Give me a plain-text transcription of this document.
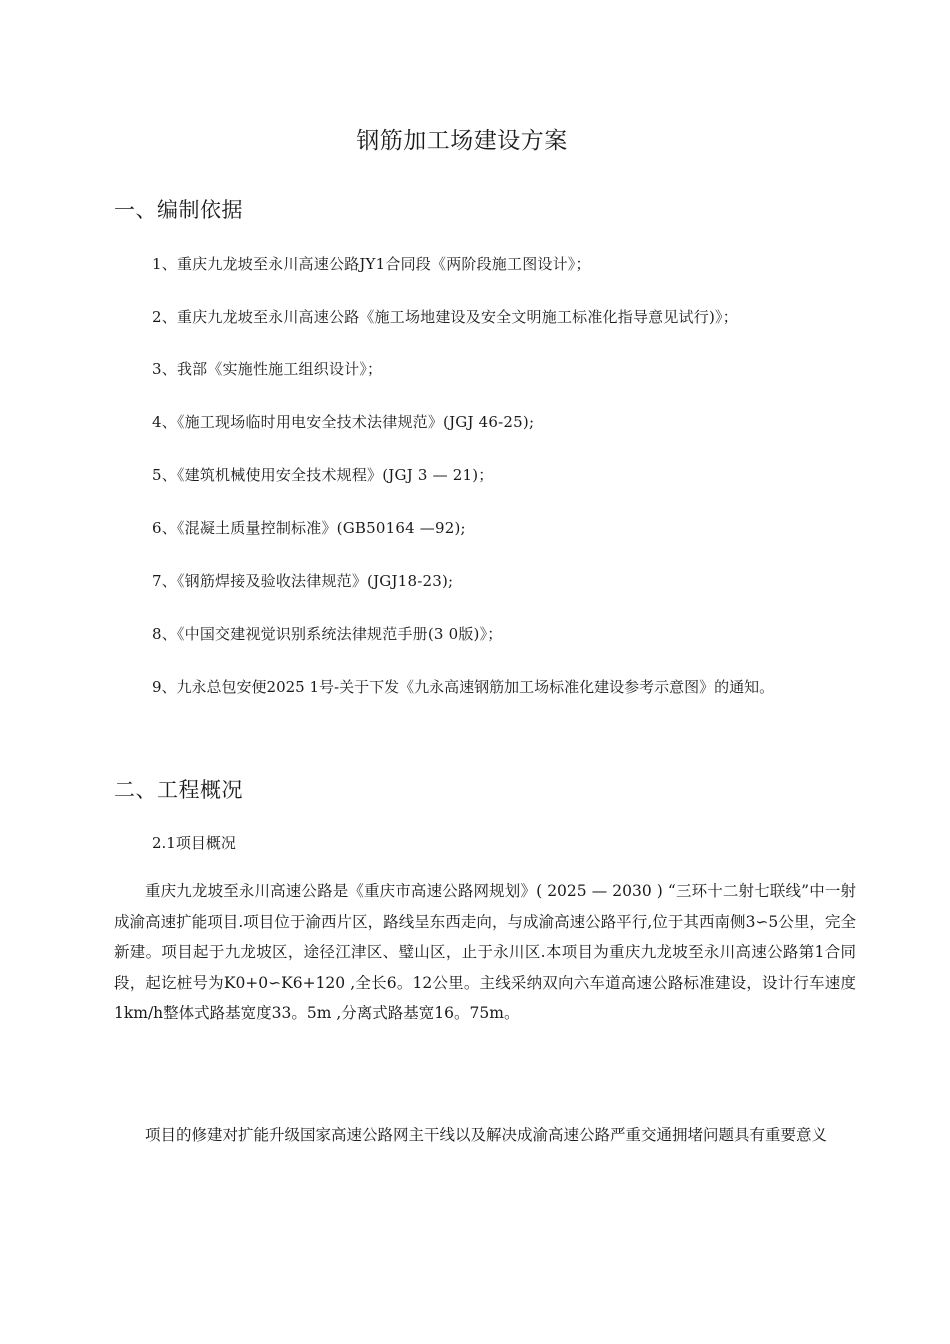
钢筋加工场建设方案
一、编制依据
1、重庆九龙坡至永川高速公路JY1合同段《两阶段施工图设计》；
2、重庆九龙坡至永川高速公路《施工场地建设及安全文明施工标准化指导意见试行)》；
3、我部《实施性施工组织设计》；
4、《施工现场临时用电安全技术法律规范》(JGJ 46-25);
5、《建筑机械使用安全技术规程》(JGJ 3 — 21)；
6、《混凝土质量控制标准》(GB50164 —92);
7、《钢筋焊接及验收法律规范》(JGJ18-23);
8、《中国交建视觉识别系统法律规范手册(3 0版)》；
9、九永总包安便2025 1号-关于下发《九永高速钢筋加工场标准化建设参考示意图》的通知。
二、工程概况
2.1项目概况
重庆九龙坡至永川高速公路是《重庆市高速公路网规划》( 2025 — 2030 ) “三环十二射七联线”中一射成渝高速扩能项目.项目位于渝西片区，路线呈东西走向，与成渝高速公路平行,位于其西南侧3∽5公里，完全新建。项目起于九龙坡区，途径江津区、璧山区，止于永川区.本项目为重庆九龙坡至永川高速公路第1合同段，起讫桩号为K0+0∽K6+120 ,全长6。12公里。主线采纳双向六车道高速公路标准建设，设计行车速度1km/h整体式路基宽度33。5m ,分离式路基宽16。75m。
项目的修建对扩能升级国家高速公路网主干线以及解决成渝高速公路严重交通拥堵问题具有重要意义
